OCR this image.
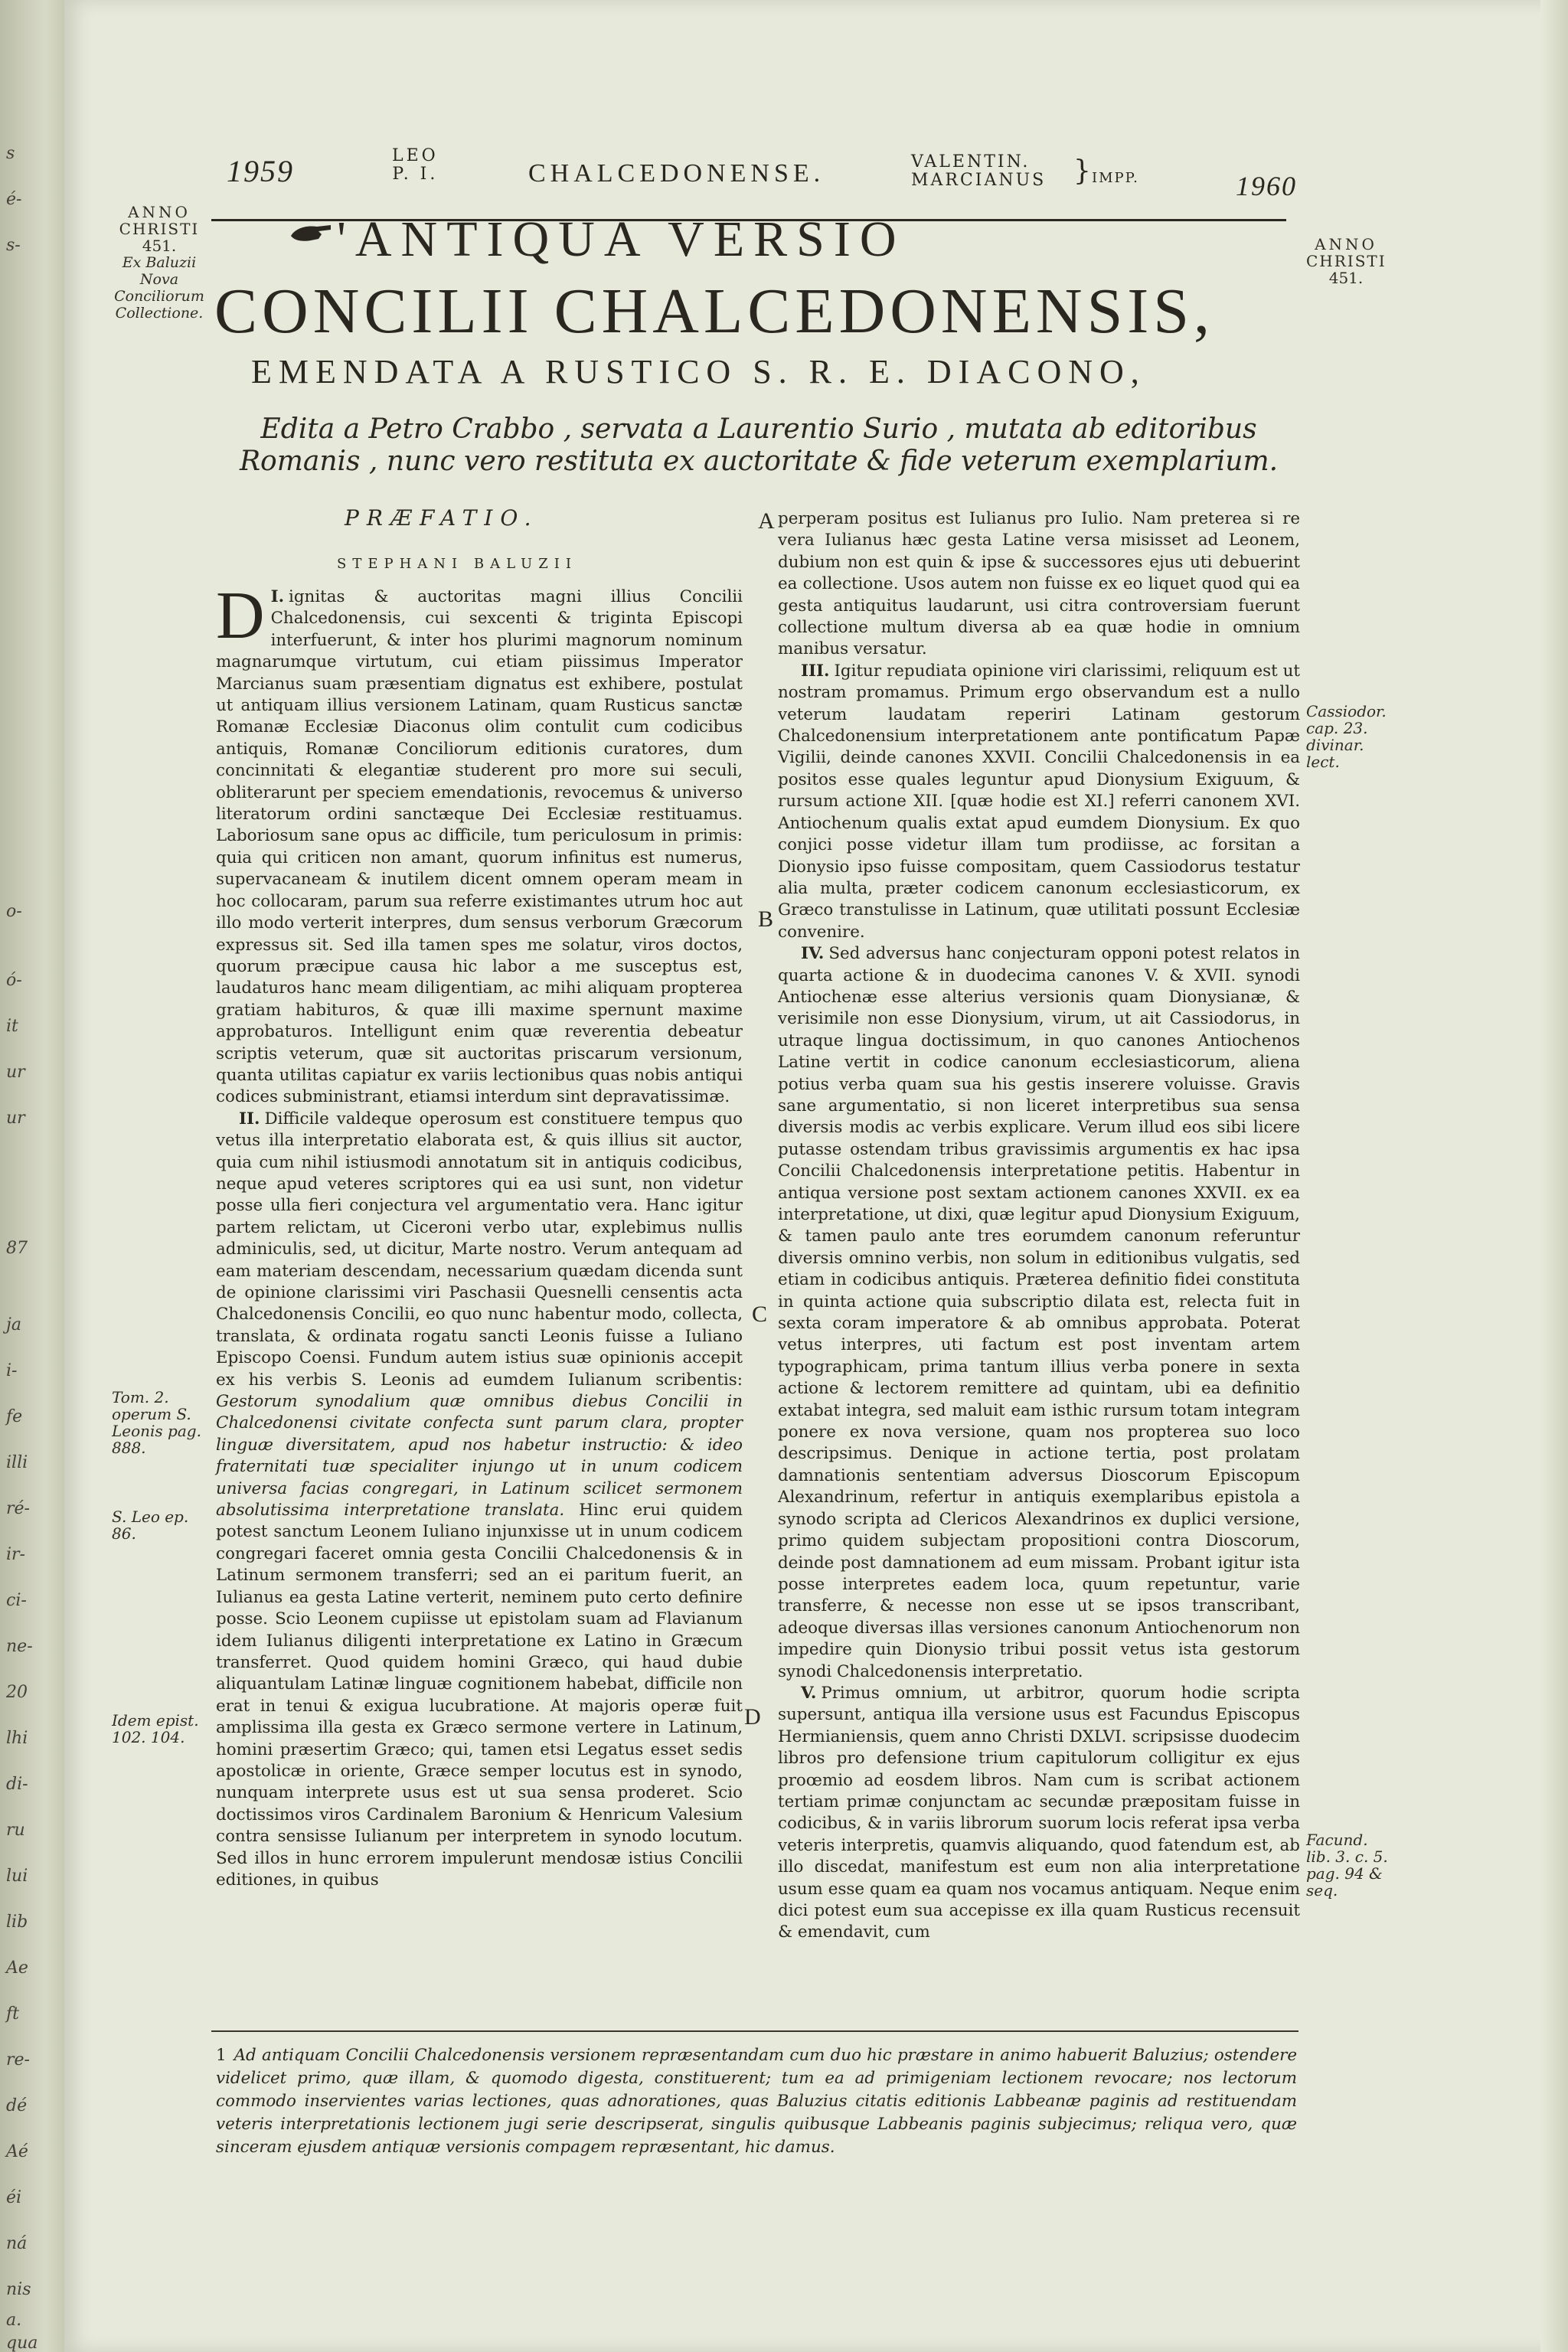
s
é-
s-
o-
ó-
it
ur
ur
87
ja
i-
fe
illi
ré-
ir-
ci-
ne-
20
lhi
di-
ru
lui
lib
Ae
ft
re-
dé
Aé
éi
ná
nis
a.
qua
1959	LEO
P. I.	CHALCEDONENSE.	VALENTIN.
MARCIANUS } IMPP.	1960
ANNO
CHRISTI
451.
Ex Baluzii Nova Conciliorum Collectione.
ANNO
CHRISTI
451.
'ANTIQUA VERSIO
CONCILII CHALCEDONENSIS,
EMENDATA A RUSTICO S. R. E. DIACONO,
Edita a Petro Crabbo , servata a Laurentio Surio , mutata ab editoribus Romanis , nunc vero restituta ex auctoritate & fide veterum exemplarium.
PRÆFATIO.
STEPHANI BALUZII

I.
D ignitas & auctoritas magni illius Concilii Chalcedonensis, cui sexcenti & triginta Episcopi interfuerunt, & inter hos plurimi magnorum nominum magnarumque virtutum, cui etiam piissimus Imperator Marcianus suam præsentiam dignatus est exhibere, postulat ut antiquam illius versionem Latinam, quam Rusticus sanctæ Romanæ Ecclesiæ Diaconus olim contulit cum codicibus antiquis, Romanæ Conciliorum editionis curatores, dum concinnitati & elegantiæ studerent pro more sui seculi, obliterarunt per speciem emendationis, revocemus & universo literatorum ordini sanctæque Dei Ecclesiæ restituamus. Laboriosum sane opus ac difficile, tum periculosum in primis: quia qui criticen non amant, quorum infinitus est numerus, supervacaneam & inutilem dicent omnem operam meam in hoc collocaram, parum sua referre existimantes utrum hoc aut illo modo verterit interpres, dum sensus verborum Græcorum expressus sit. Sed illa tamen spes me solatur, viros doctos, quorum præcipue causa hic labor a me susceptus est, laudaturos hanc meam diligentiam, ac mihi aliquam propterea gratiam habituros, & quæ illi maxime spernunt maxime approbaturos. Intelligunt enim quæ reverentia debeatur scriptis veterum, quæ sit auctoritas priscarum versionum, quanta utilitas capiatur ex variis lectionibus quas nobis antiqui codices subministrant, etiamsi interdum sint depravatissimæ.

II. Difficile valdeque operosum est constituere tempus quo vetus illa interpretatio elaborata est, & quis illius sit auctor, quia cum nihil istiusmodi annotatum sit in antiquis codicibus, neque apud veteres scriptores qui ea usi sunt, non videtur posse ulla fieri conjectura vel argumentatio vera. Hanc igitur partem relictam, ut Ciceroni verbo utar, explebimus nullis adminiculis, sed, ut dicitur, Marte nostro. Verum antequam ad eam materiam descendam, necessarium quædam dicenda sunt de opinione clarissimi viri Paschasii Quesnelli censentis acta Chalcedonensis Concilii, eo quo nunc habentur modo, collecta, translata, & ordinata rogatu sancti Leonis fuisse a Iuliano Episcopo Coensi. Fundum autem istius suæ opinionis accepit ex his verbis S. Leonis ad eumdem Iulianum scribentis: Gestorum synodalium quæ omnibus diebus Concilii in Chalcedonensi civitate confecta sunt parum clara, propter linguæ diversitatem, apud nos habetur instructio: & ideo fraternitati tuæ specialiter injungo ut in unum codicem universa facias congregari, in Latinum scilicet sermonem absolutissima interpretatione translata. Hinc erui quidem potest sanctum Leonem Iuliano injunxisse ut in unum codicem congregari faceret omnia gesta Concilii Chalcedonensis & in Latinum sermonem transferri; sed an ei paritum fuerit, an Iulianus ea gesta Latine verterit, neminem puto certo definire posse. Scio Leonem cupiisse ut epistolam suam ad Flavianum idem Iulianus diligenti interpretatione ex Latino in Græcum transferret. Quod quidem homini Græco, qui haud dubie aliquantulam Latinæ linguæ cognitionem habebat, difficile non erat in tenui & exigua lucubratione. At majoris operæ fuit amplissima illa gesta ex Græco sermone vertere in Latinum, homini præsertim Græco; qui, tamen etsi Legatus esset sedis apostolicæ in oriente, Græce semper locutus est in synodo, nunquam interprete usus est ut sua sensa proderet. Scio doctissimos viros Cardinalem Baronium & Henricum Valesium contra sensisse Iulianum per interpretem in synodo locutum. Sed illos in hunc errorem impulerunt mendosæ istius Concilii editiones, in quibus

perperam positus est Iulianus pro Iulio. Nam preterea si re vera Iulianus hæc gesta Latine versa misisset ad Leonem, dubium non est quin & ipse & successores ejus uti debuerint ea collectione. Usos autem non fuisse ex eo liquet quod qui ea gesta antiquitus laudarunt, usi citra controversiam fuerunt collectione multum diversa ab ea quæ hodie in omnium manibus versatur.

III. Igitur repudiata opinione viri clarissimi, reliquum est ut nostram promamus. Primum ergo observandum est a nullo veterum laudatam reperiri Latinam gestorum Chalcedonensium interpretationem ante pontificatum Papæ Vigilii, deinde canones XXVII. Concilii Chalcedonensis in ea positos esse quales leguntur apud Dionysium Exiguum, & rursum actione XII. [quæ hodie est XI.] referri canonem XVI. Antiochenum qualis extat apud eumdem Dionysium. Ex quo conjici posse videtur illam tum prodiisse, ac forsitan a Dionysio ipso fuisse compositam, quem Cassiodorus testatur alia multa, præter codicem canonum ecclesiasticorum, ex Græco transtulisse in Latinum, quæ utilitati possunt Ecclesiæ convenire.

IV. Sed adversus hanc conjecturam opponi potest relatos in quarta actione & in duodecima canones V. & XVII. synodi Antiochenæ esse alterius versionis quam Dionysianæ, & verisimile non esse Dionysium, virum, ut ait Cassiodorus, in utraque lingua doctissimum, in quo canones Antiochenos Latine vertit in codice canonum ecclesiasticorum, aliena potius verba quam sua his gestis inserere voluisse. Gravis sane argumentatio, si non liceret interpretibus sua sensa diversis modis ac verbis explicare. Verum illud eos sibi licere putasse ostendam tribus gravissimis argumentis ex hac ipsa Concilii Chalcedonensis interpretatione petitis. Habentur in antiqua versione post sextam actionem canones XXVII. ex ea interpretatione, ut dixi, quæ legitur apud Dionysium Exiguum, & tamen paulo ante tres eorumdem canonum referuntur diversis omnino verbis, non solum in editionibus vulgatis, sed etiam in codicibus antiquis. Præterea definitio fidei constituta in quinta actione quia subscriptio dilata est, relecta fuit in sexta coram imperatore & ab omnibus approbata. Poterat vetus interpres, uti factum est post inventam artem typographicam, prima tantum illius verba ponere in sexta actione & lectorem remittere ad quintam, ubi ea definitio extabat integra, sed maluit eam isthic rursum totam integram ponere ex nova versione, quam nos propterea suo loco descripsimus. Denique in actione tertia, post prolatam damnationis sententiam adversus Dioscorum Episcopum Alexandrinum, refertur in antiquis exemplaribus epistola a synodo scripta ad Clericos Alexandrinos ex duplici versione, primo quidem subjectam propositioni contra Dioscorum, deinde post damnationem ad eum missam. Probant igitur ista posse interpretes eadem loca, quum repetuntur, varie transferre, & necesse non esse ut se ipsos transcribant, adeoque diversas illas versiones canonum Antiochenorum non impedire quin Dionysio tribui possit vetus ista gestorum synodi Chalcedonensis interpretatio.

V. Primus omnium, ut arbitror, quorum hodie scripta supersunt, antiqua illa versione usus est Facundus Episcopus Hermianiensis, quem anno Christi DXLVI. scripsisse duodecim libros pro defensione trium capitulorum colligitur ex ejus proœmio ad eosdem libros. Nam cum is scribat actionem tertiam primæ conjunctam ac secundæ præpositam fuisse in codicibus, & in variis librorum suorum locis referat ipsa verba veteris interpretis, quamvis aliquando, quod fatendum est, ab illo discedat, manifestum est eum non alia interpretatione usum esse quam ea quam nos vocamus antiquam. Neque enim dici potest eum sua accepisse ex illa quam Rusticus recensuit & emendavit, cum

A
B
C
D
Tom. 2. operum S. Leonis pag. 888.
S. Leo ep. 86.
Idem epist. 102. 104.
Cassiodor. cap. 23. divinar. lect.
Facund. lib. 3. c. 5. pag. 94 & seq.
1 Ad antiquam Concilii Chalcedonensis versionem repræsentandam cum duo hic præstare in animo habuerit Baluzius; ostendere videlicet primo, quæ illam, & quomodo digesta, constituerent; tum ea ad primigeniam lectionem revocare; nos lectorum commodo inservientes varias lectiones, quas adnorationes, quas Baluzius citatis editionis Labbeanæ paginis ad restituendam veteris interpretationis lectionem jugi serie descripserat, singulis quibusque Labbeanis paginis subjecimus; reliqua vero, quæ sinceram ejusdem antiquæ versionis compagem repræsentant, hic damus.
